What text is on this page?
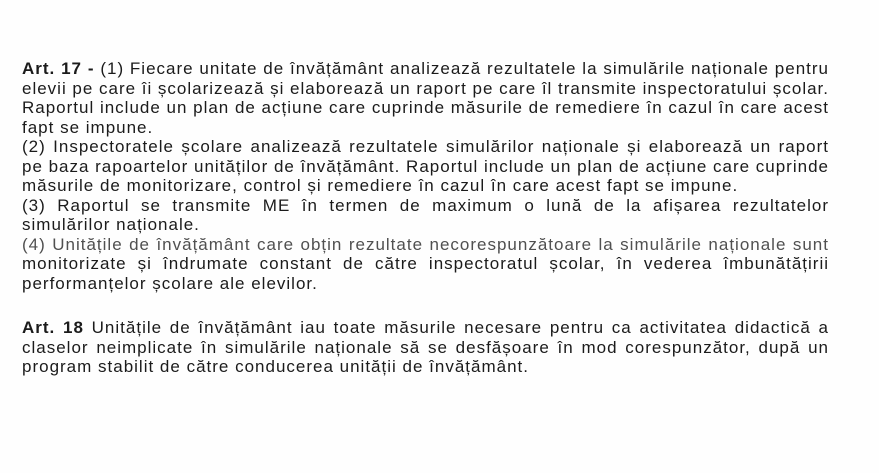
Art. 17 - (1) Fiecare unitate de învățământ analizează rezultatele la simulările naționale pentru
elevii pe care îi școlarizează și elaborează un raport pe care îl transmite inspectoratului școlar.
Raportul include un plan de acțiune care cuprinde măsurile de remediere în cazul în care acest
fapt se impune.
(2) Inspectoratele școlare analizează rezultatele simulărilor naționale și elaborează un raport
pe baza rapoartelor unităților de învățământ. Raportul include un plan de acțiune care cuprinde
măsurile de monitorizare, control și remediere în cazul în care acest fapt se impune.
(3) Raportul se transmite ME în termen de maximum o lună de la afișarea rezultatelor
simulărilor naționale.
(4) Unitățile de învățământ care obțin rezultate necorespunzătoare la simulările naționale sunt
monitorizate și îndrumate constant de către inspectoratul școlar, în vederea îmbunătățirii
performanțelor școlare ale elevilor.
Art. 18 Unitățile de învățământ iau toate măsurile necesare pentru ca activitatea didactică a
claselor neimplicate în simulările naționale să se desfășoare în mod corespunzător, după un
program stabilit de către conducerea unității de învățământ.
